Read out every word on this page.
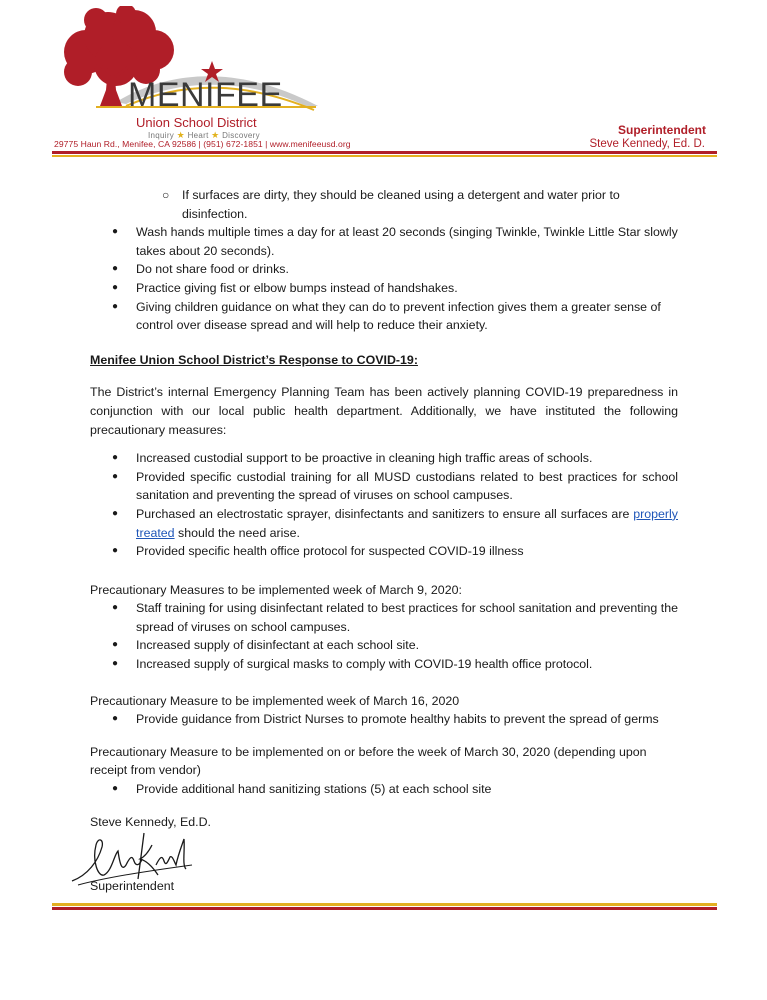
MENIFEE
Union School District
Inquiry ★ Heart ★ Discovery
29775 Haun Rd., Menifee, CA 92586 | (951) 672-1851 | www.menifeeusd.org
Superintendent
Steve Kennedy, Ed. D.
○ If surfaces are dirty, they should be cleaned using a detergent and water prior to disinfection.
● Wash hands multiple times a day for at least 20 seconds (singing Twinkle, Twinkle Little Star slowly takes about 20 seconds).
● Do not share food or drinks.
● Practice giving fist or elbow bumps instead of handshakes.
● Giving children guidance on what they can do to prevent infection gives them a greater sense of control over disease spread and will help to reduce their anxiety.
Menifee Union School District’s Response to COVID-19:
The District’s internal Emergency Planning Team has been actively planning COVID-19 preparedness in conjunction with our local public health department. Additionally, we have instituted the following precautionary measures:
● Increased custodial support to be proactive in cleaning high traffic areas of schools.
● Provided specific custodial training for all MUSD custodians related to best practices for school sanitation and preventing the spread of viruses on school campuses.
● Purchased an electrostatic sprayer, disinfectants and sanitizers to ensure all surfaces are properly treated should the need arise.
● Provided specific health office protocol for suspected COVID-19 illness
Precautionary Measures to be implemented week of March 9, 2020:
● Staff training for using disinfectant related to best practices for school sanitation and preventing the spread of viruses on school campuses.
● Increased supply of disinfectant at each school site.
● Increased supply of surgical masks to comply with COVID-19 health office protocol.
Precautionary Measure to be implemented week of March 16, 2020
● Provide guidance from District Nurses to promote healthy habits to prevent the spread of germs
Precautionary Measure to be implemented on or before the week of March 30, 2020 (depending upon receipt from vendor)
● Provide additional hand sanitizing stations (5) at each school site
Steve Kennedy, Ed.D.
Superintendent
